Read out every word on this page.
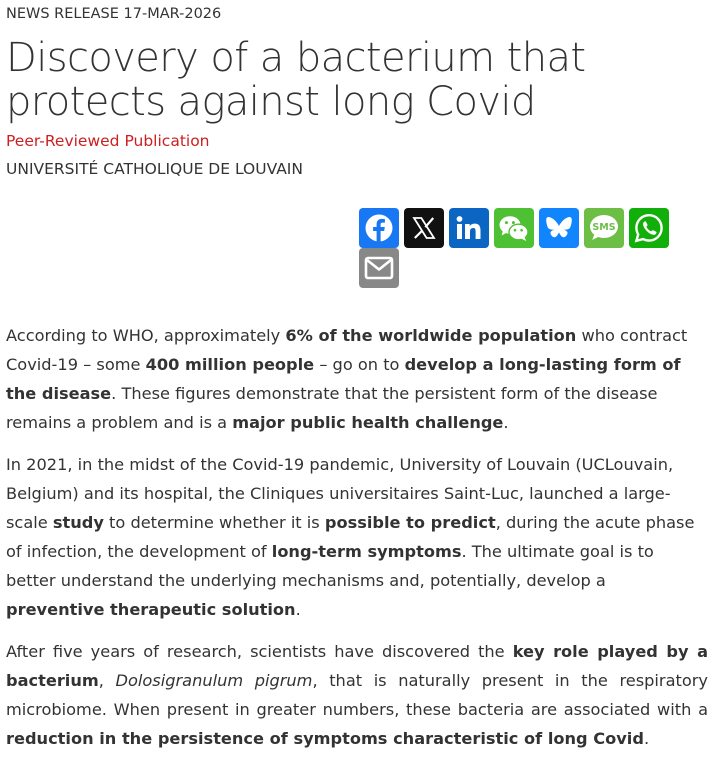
NEWS RELEASE 17-MAR-2026
Discovery of a bacterium that protects against long Covid
Peer-Reviewed Publication
UNIVERSITÉ CATHOLIQUE DE LOUVAIN
SMS

According to WHO, approximately 6% of the worldwide population who contract Covid-19 – some 400 million people – go on to develop a long-lasting form of the disease. These figures demonstrate that the persistent form of the disease remains a problem and is a major public health challenge.

In 2021, in the midst of the Covid-19 pandemic, University of Louvain (UCLouvain, Belgium) and its hospital, the Cliniques universitaires Saint-Luc, launched a large-scale study to determine whether it is possible to predict, during the acute phase of infection, the development of long-term symptoms. The ultimate goal is to better understand the underlying mechanisms and, potentially, develop a preventive therapeutic solution.

After five years of research, scientists have discovered the key role played by a bacterium, Dolosigranulum pigrum, that is naturally present in the respiratory microbiome. When present in greater numbers, these bacteria are associated with a reduction in the persistence of symptoms characteristic of long Covid.
